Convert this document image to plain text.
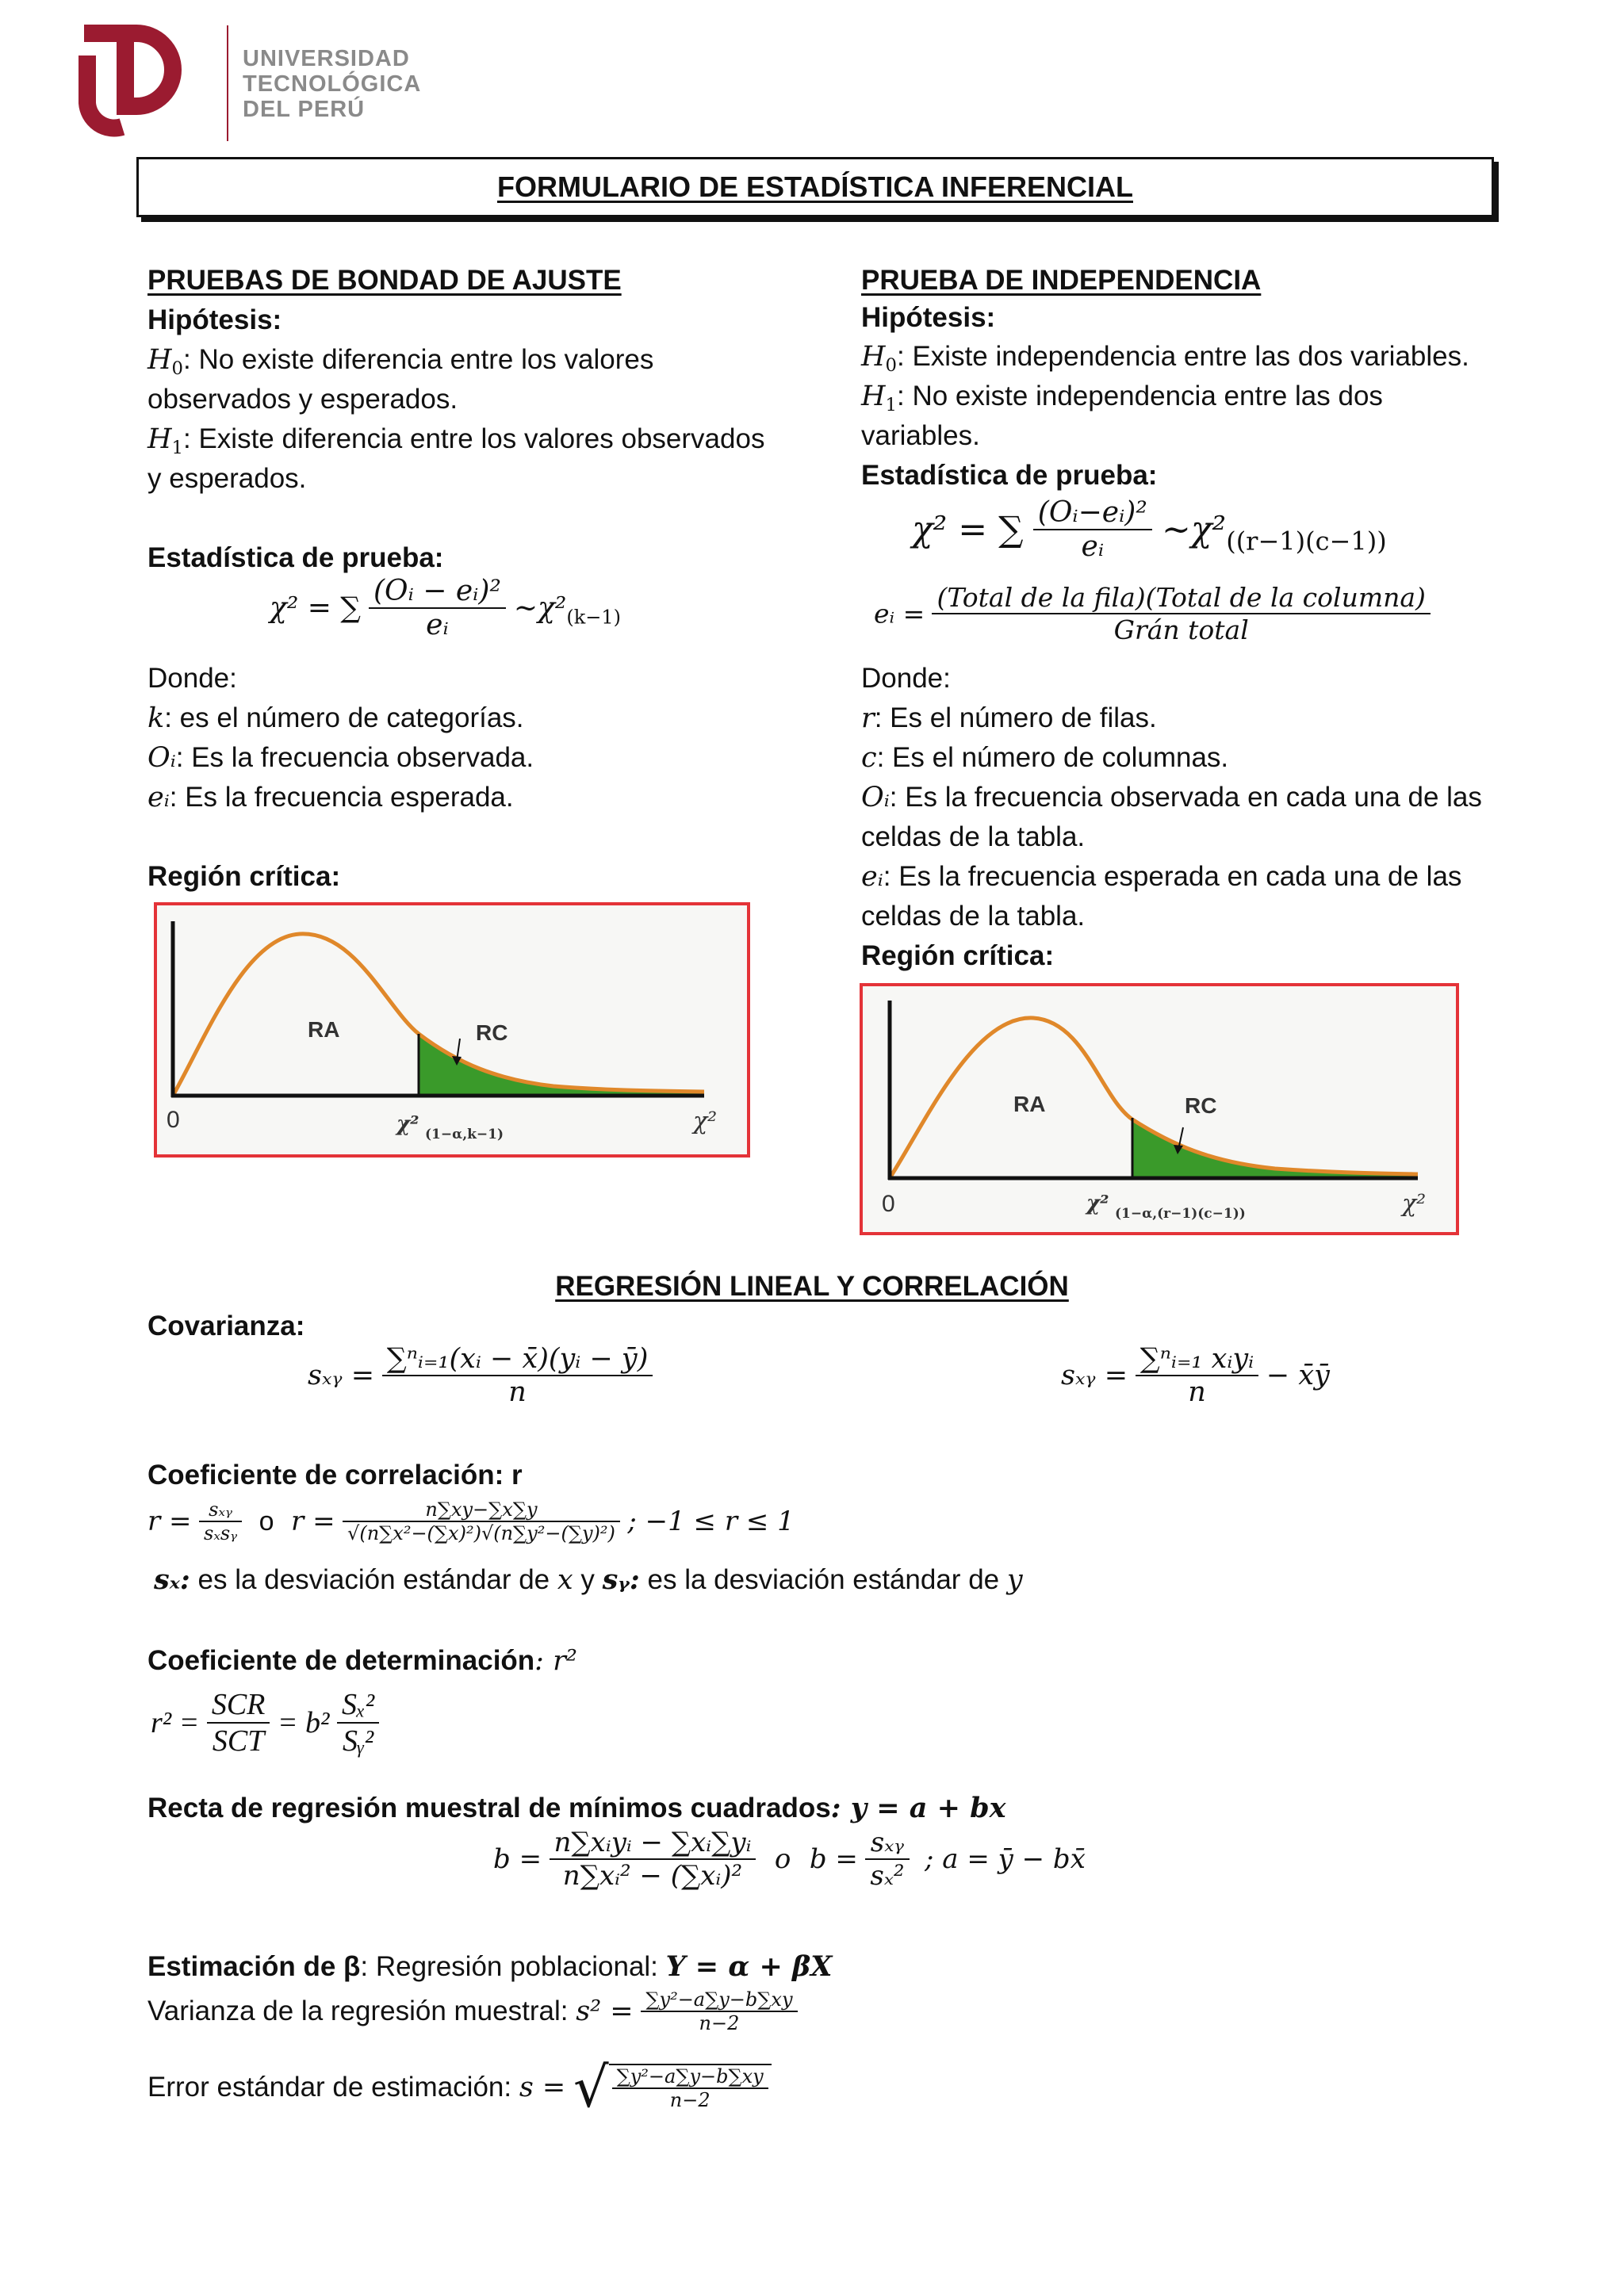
UNIVERSIDAD
TECNOLÓGICA
DEL PERÚ
FORMULARIO DE ESTADÍSTICA INFERENCIAL
PRUEBAS DE BONDAD DE AJUSTE
Hipótesis:
$H_0$: No existe diferencia entre los valores
observados y esperados.
$H_1$: Existe diferencia entre los valores observados
y esperados.
Estadística de prueba:
χ² = ∑ $\frac{\text{(Oᵢ − eᵢ)²}}{\text{eᵢ}}$ $\sim\chi^2_{(k-1)}$
Donde:
k: es el número de categorías.
Oᵢ: Es la frecuencia observada.
eᵢ: Es la frecuencia esperada.
Región crítica:
RA	RC
0	χ²
χ² (1−α,k−1)
PRUEBA DE INDEPENDENCIA
Hipótesis:
$H_0$: Existe independencia entre las dos variables.
$H_1$: No existe independencia entre las dos
variables.
Estadística de prueba:
χ² = ∑ $\frac{\text{(Oᵢ−eᵢ)²}}{\text{eᵢ}}$ $\sim\chi^2_{((r-1)(c-1))}$
eᵢ = $\frac{\text{(Total de la fila)(Total de la columna)}}{\text{Grán total}}$
Donde:
r: Es el número de filas.
c: Es el número de columnas.
Oᵢ: Es la frecuencia observada en cada una de las
celdas de la tabla.
eᵢ: Es la frecuencia esperada en cada una de las
celdas de la tabla.
Región crítica:
RA	RC
0	χ²
χ² (1−α,(r−1)(c−1))
REGRESIÓN LINEAL Y CORRELACIÓN
Covarianza:
sₓᵧ = $\frac{\text{∑ⁿᵢ₌₁(xᵢ − x̄)(yᵢ − ȳ)}}{n}$	sₓᵧ = $\frac{\text{∑ⁿᵢ₌₁ xᵢyᵢ}}{n}$ − x̄ȳ
Coeficiente de correlación: r
$r = \frac{\text{sₓᵧ}}{\text{sₓsᵧ}}$ o $r = \frac{n\sum xy-\sum x\sum y}{\text{√(n∑x²−(∑x)²)√(n∑y²−(∑y)²)}}$ ; −1 ≤ r ≤ 1
sₓ: es la desviación estándar de x y sᵧ: es la desviación estándar de y
Coeficiente de determinación: r²
$r^2 = \frac{\text{SCR}}{\text{SCT}} = b^2 \frac{\text{Sₓ²}}{\text{Sᵧ²}}$
Recta de regresión muestral de mínimos cuadrados: y = a + bx
$b = \frac{\text{n∑xᵢyᵢ − ∑xᵢ∑yᵢ}}{\text{n∑xᵢ² − (∑xᵢ)²}}$ o $b = \frac{\text{sₓᵧ}}{\text{sₓ²}}$ ; a = ȳ − bx̄
Estimación de β: Regresión poblacional: Y = α + βX
Varianza de la regresión muestral: $s^2 = \frac{\text{∑y²−a∑y−b∑xy}}{n-2}$
Error estándar de estimación: s = √ $\frac{\text{∑y²−a∑y−b∑xy}}{n-2}$
